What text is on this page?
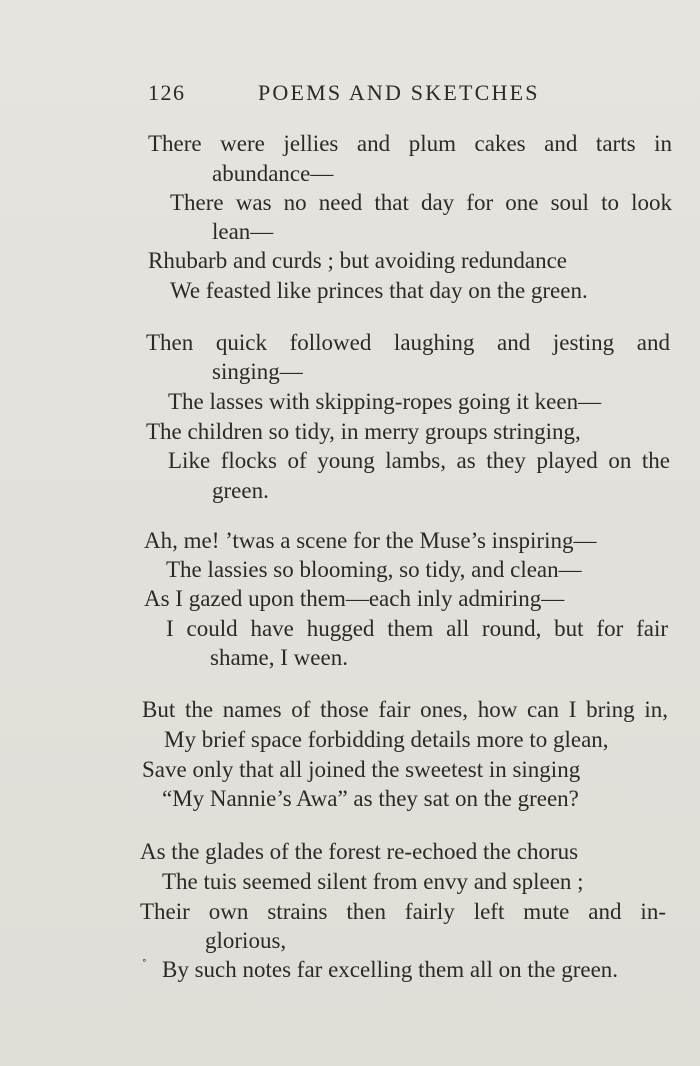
126	POEMS AND SKETCHES
There were jellies and plum cakes and tarts in
abundance—
There was no need that day for one soul to look
lean—
Rhubarb and curds ; but avoiding redundance
We feasted like princes that day on the green.
Then quick followed laughing and jesting and
singing—
The lasses with skipping-ropes going it keen—
The children so tidy, in merry groups stringing,
Like flocks of young lambs, as they played on the
green.
Ah, me! ’twas a scene for the Muse’s inspiring—
The lassies so blooming, so tidy, and clean—
As I gazed upon them—each inly admiring—
I could have hugged them all round, but for fair
shame, I ween.
But the names of those fair ones, how can I bring in,
My brief space forbidding details more to glean,
Save only that all joined the sweetest in singing
“My Nannie’s Awa” as they sat on the green?
As the glades of the forest re-echoed the chorus
The tuis seemed silent from envy and spleen ;
Their own strains then fairly left mute and in-
glorious,
˚ By such notes far excelling them all on the green.
